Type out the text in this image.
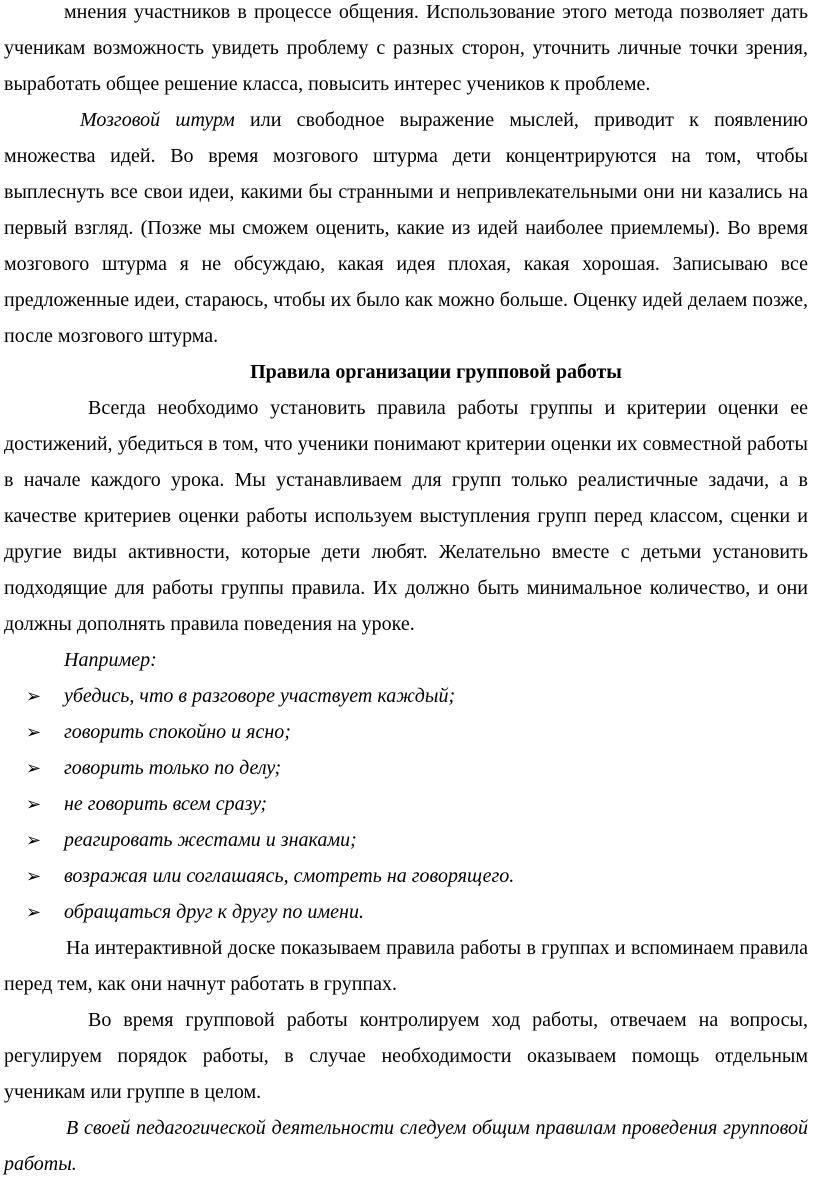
мнения участников в процессе общения. Использование этого метода позволяет дать ученикам возможность увидеть проблему с разных сторон, уточнить личные точки зрения, выработать общее решение класса, повысить интерес учеников к проблеме.

Мозговой штурм или свободное выражение мыслей, приводит к появлению множества идей. Во время мозгового штурма дети концентрируются на том, чтобы выплеснуть все свои идеи, какими бы странными и непривлекательными они ни казались на первый взгляд. (Позже мы сможем оценить, какие из идей наиболее приемлемы). Во время мозгового штурма я не обсуждаю, какая идея плохая, какая хорошая. Записываю все предложенные идеи, стараюсь, чтобы их было как можно больше. Оценку идей делаем позже, после мозгового штурма.

Правила организации групповой работы

Всегда необходимо установить правила работы группы и критерии оценки ее достижений, убедиться в том, что ученики понимают критерии оценки их совместной работы в начале каждого урока. Мы устанавливаем для групп только реалистичные задачи, а в качестве критериев оценки работы используем выступления групп перед классом, сценки и другие виды активности, которые дети любят. Желательно вместе с детьми установить подходящие для работы группы правила. Их должно быть минимальное количество, и они должны дополнять правила поведения на уроке.

Например:
➢ убедись, что в разговоре участвует каждый;
➢ говорить спокойно и ясно;
➢ говорить только по делу;
➢ не говорить всем сразу;
➢ реагировать жестами и знаками;
➢ возражая или соглашаясь, смотреть на говорящего.
➢ обращаться друг к другу по имени.

На интерактивной доске показываем правила работы в группах и вспоминаем правила перед тем, как они начнут работать в группах.

Во время групповой работы контролируем ход работы, отвечаем на вопросы, регулируем порядок работы, в случае необходимости оказываем помощь отдельным ученикам или группе в целом.

В своей педагогической деятельности следуем общим правилам проведения групповой работы.
